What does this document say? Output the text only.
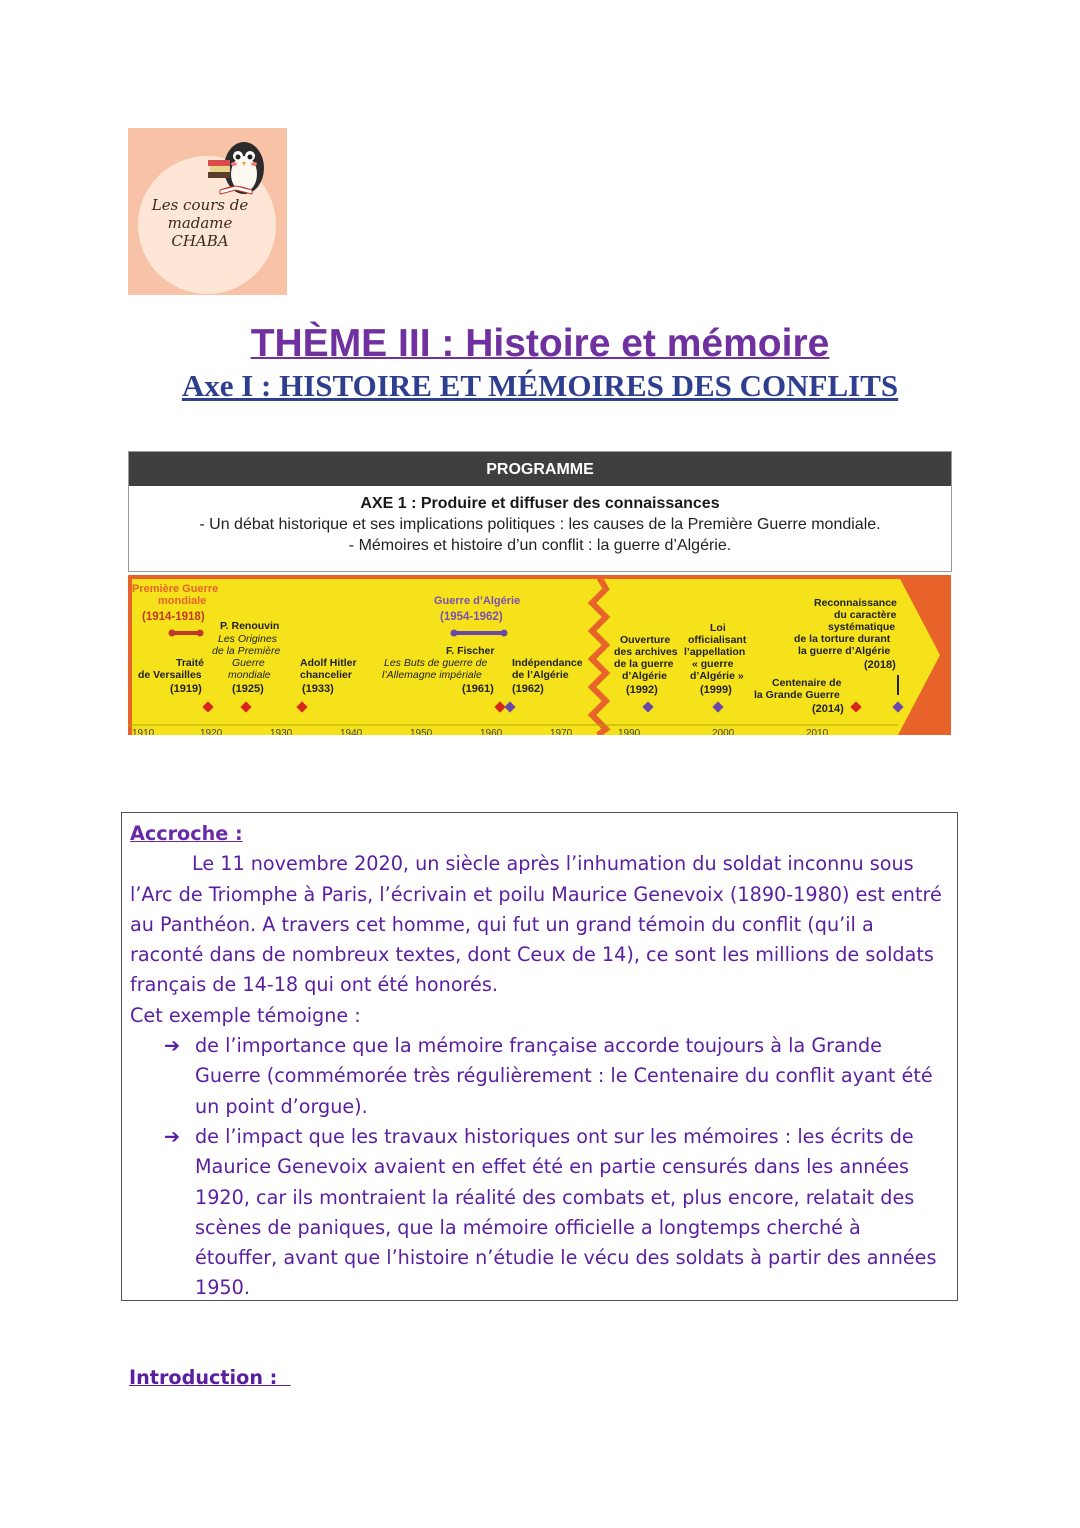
Les cours de madame CHABA
THÈME III : Histoire et mémoire
Axe I : HISTOIRE ET MÉMOIRES DES CONFLITS
PROGRAMME
AXE 1 : Produire et diffuser des connaissances
- Un débat historique et ses implications politiques : les causes de la Première Guerre mondiale.
- Mémoires et histoire d’un conflit : la guerre d’Algérie.
Première Guerre
mondiale
(1914-1918)
P. Renouvin
Les Origines
de la Première
Guerre
mondiale
(1925)
Traité
de Versailles
(1919)
Adolf Hitler
chancelier
(1933)
Guerre d’Algérie
(1954-1962)
F. Fischer
Les Buts de guerre de
l’Allemagne impériale
(1961)
Indépendance
de l’Algérie
(1962)
Ouverture
des archives
de la guerre
d’Algérie
(1992)
Loi
officialisant
l’appellation
« guerre
d’Algérie »
(1999)
Centenaire de
la Grande Guerre
(2014)
Reconnaissance
du caractère
systématique
de la torture durant
la guerre d’Algérie
(2018)
1910	1920	1930	1940	1950	1960	1970	1990	2000	2010
Accroche :
Le 11 novembre 2020, un siècle après l’inhumation du soldat inconnu sous l’Arc de Triomphe à Paris, l’écrivain et poilu Maurice Genevoix (1890-1980) est entré au Panthéon. A travers cet homme, qui fut un grand témoin du conflit (qu’il a raconté dans de nombreux textes, dont Ceux de 14), ce sont les millions de soldats français de 14-18 qui ont été honorés.
Cet exemple témoigne :
➔ de l’importance que la mémoire française accorde toujours à la Grande Guerre (commémorée très régulièrement : le Centenaire du conflit ayant été un point d’orgue).
➔ de l’impact que les travaux historiques ont sur les mémoires : les écrits de Maurice Genevoix avaient en effet été en partie censurés dans les années 1920, car ils montraient la réalité des combats et, plus encore, relatait des scènes de paniques, que la mémoire officielle a longtemps cherché à étouffer, avant que l’histoire n’étudie le vécu des soldats à partir des années 1950.
Introduction :
